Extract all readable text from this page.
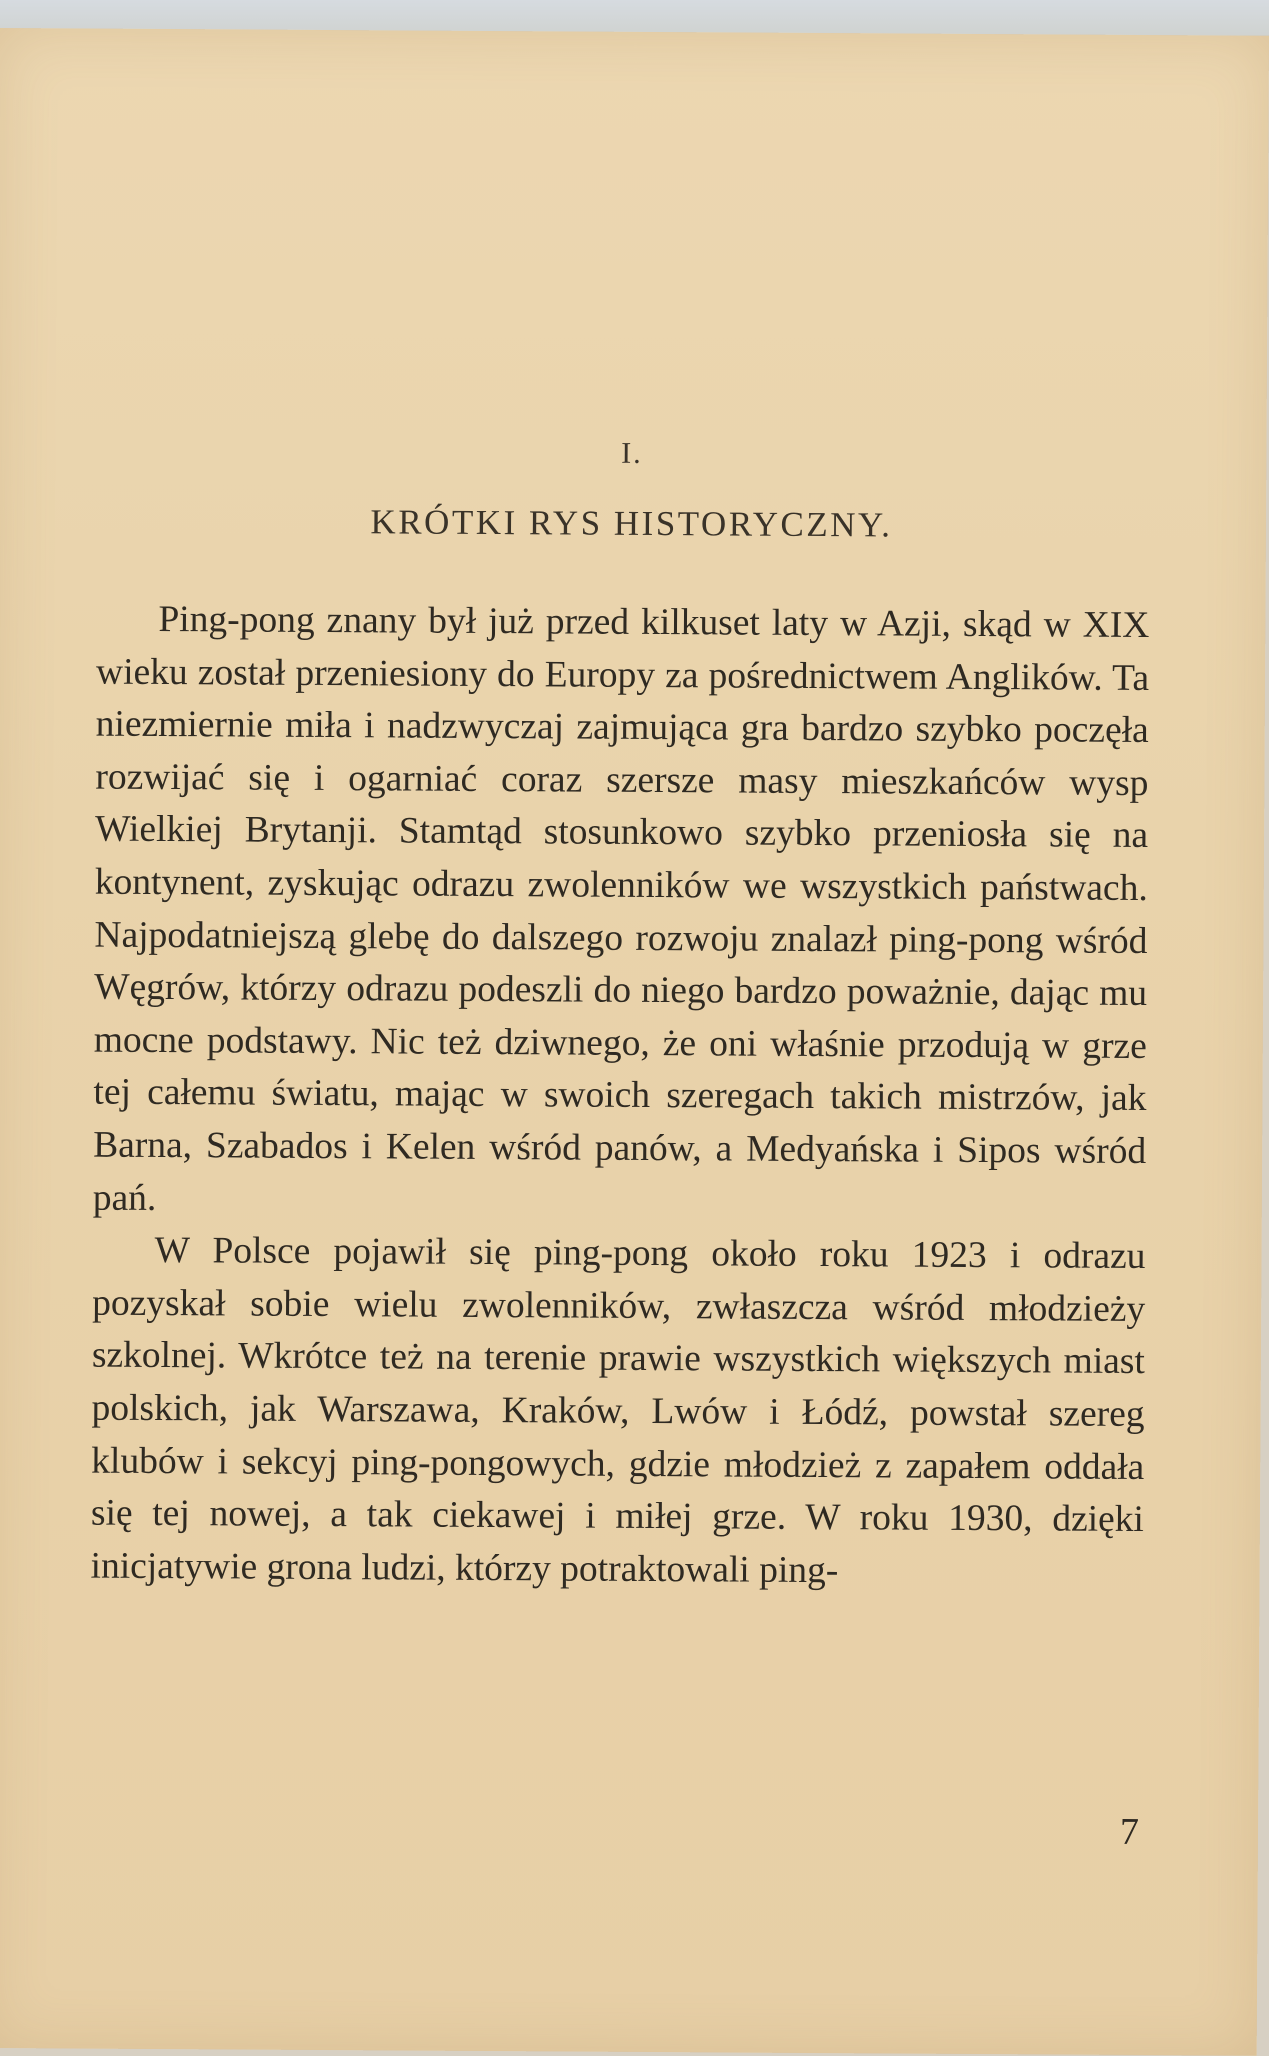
I.
KRÓTKI RYS HISTORYCZNY.

Ping-pong znany był już przed kilkuset laty w Azji, skąd w XIX wieku został przeniesiony do Europy za pośrednictwem Anglików. Ta niezmiernie miła i nadzwyczaj zajmująca gra bardzo szybko poczęła rozwijać się i ogarniać coraz szersze masy mieszkańców wysp Wielkiej Brytanji. Stamtąd stosunkowo szybko przeniosła się na kontynent, zyskując odrazu zwolenników we wszystkich państwach. Najpodatniejszą glebę do dalszego rozwoju znalazł ping-pong wśród Węgrów, którzy odrazu podeszli do niego bardzo poważnie, dając mu mocne podstawy. Nic też dziwnego, że oni właśnie przodują w grze tej całemu światu, mając w swoich szeregach takich mistrzów, jak Barna, Szabados i Kelen wśród panów, a Medyańska i Sipos wśród pań.

W Polsce pojawił się ping-pong około roku 1923 i odrazu pozyskał sobie wielu zwolenników, zwłaszcza wśród młodzieży szkolnej. Wkrótce też na terenie prawie wszystkich większych miast polskich, jak Warszawa, Kraków, Lwów i Łódź, powstał szereg klubów i sekcyj ping-pongowych, gdzie młodzież z zapałem oddała się tej nowej, a tak ciekawej i miłej grze. W roku 1930, dzięki inicjatywie grona ludzi, którzy potraktowali ping-

7
